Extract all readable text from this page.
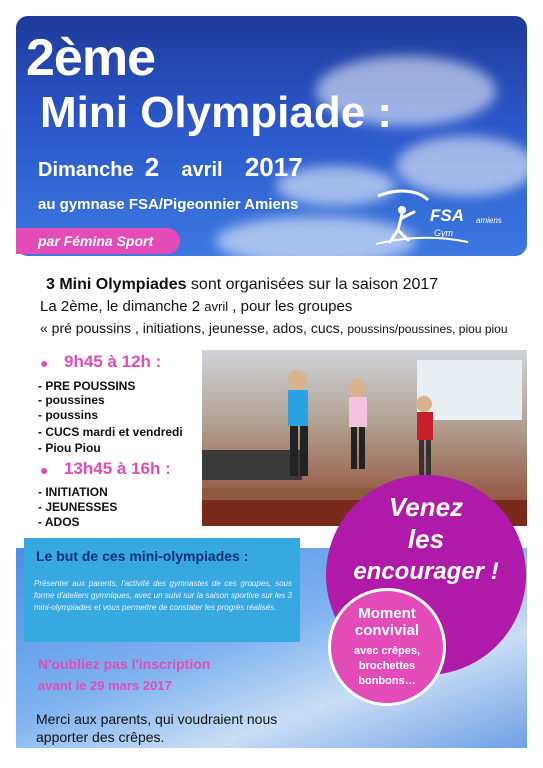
2ème
Mini Olympiade :
Dimanche 2 avril 2017
au gymnase FSA/Pigeonnier Amiens
par Fémina Sport
FSA amiens
Gym
3 Mini Olympiades sont organisées sur la saison 2017
La 2ème, le dimanche 2 avril , pour les groupes
« pré poussins , initiations, jeunesse, ados, cucs, poussins/poussines, piou piou
● 9h45 à 12h :
- PRE POUSSINS
- poussines
- poussins
- CUCS mardi et vendredi
- Piou Piou
● 13h45 à 16h :
- INITIATION
- JEUNESSES
- ADOS
Le but de ces mini-olympiades :
Présenter aux parents, l'activité des gymnastes de ces groupes, sous forme d'ateliers gymniques, avec un suivi sur la saison sportive sur les 3 mini-olympiades et vous permettre de constater les progrès réalisés.
N'oubliez pas l'inscription
avant le 29 mars 2017
Merci aux parents, qui voudraient nous apporter des crêpes.
Venez
les
encourager !
Moment
convivial
avec crêpes,
brochettes
bonbons…
